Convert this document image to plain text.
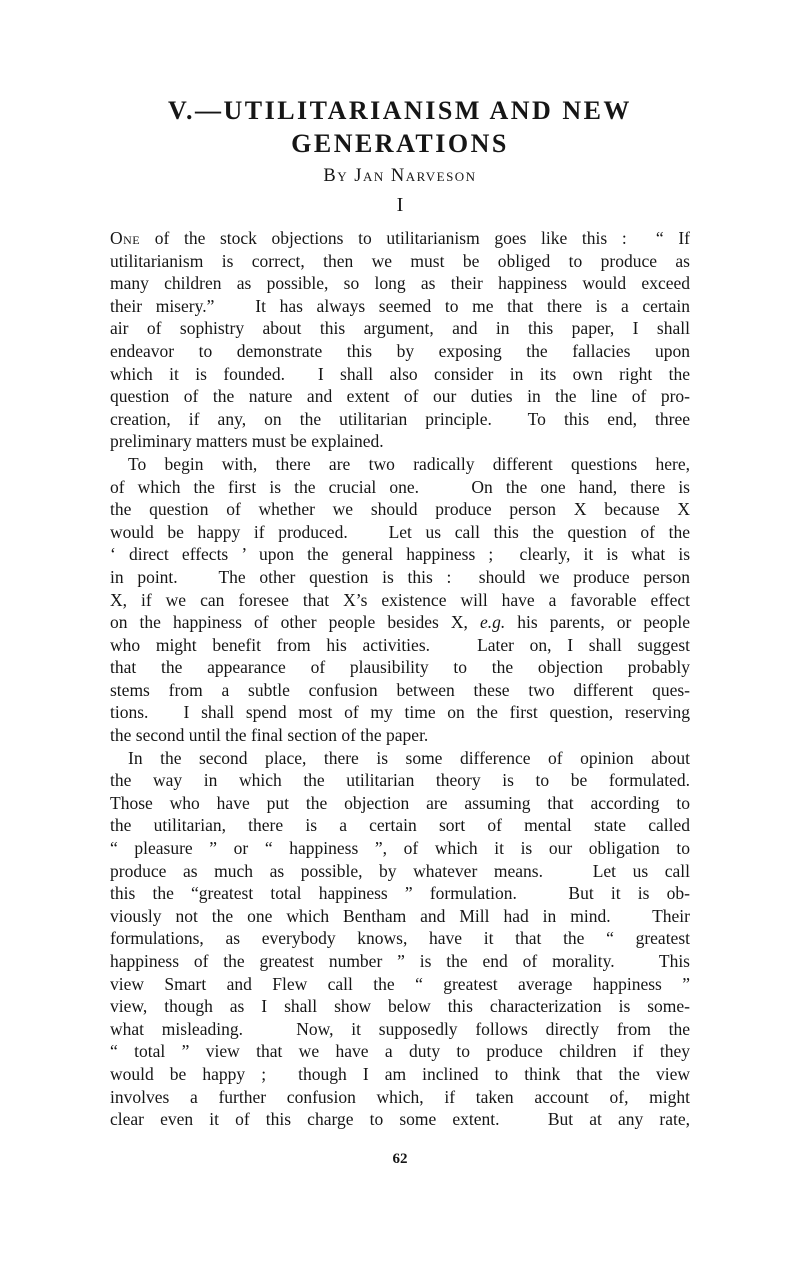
V.—UTILITARIANISM AND NEW
GENERATIONS
By Jan Narveson
I
One of the stock objections to utilitarianism goes like this :  “ If
utilitarianism is correct, then we must be obliged to produce as
many children as possible, so long as their happiness would exceed
their misery.”   It has always seemed to me that there is a certain
air of sophistry about this argument, and in this paper, I shall
endeavor to demonstrate this by exposing the fallacies upon
which it is founded.  I shall also consider in its own right the
question of the nature and extent of our duties in the line of pro-
creation, if any, on the utilitarian principle.  To this end, three
preliminary matters must be explained.
To begin with, there are two radically different questions here,
of which the first is the crucial one.    On the one hand, there is
the question of whether we should produce person X because X
would be happy if produced.   Let us call this the question of the
‘ direct effects ’ upon the general happiness ;  clearly, it is what is
in point.   The other question is this :  should we produce person
X, if we can foresee that X’s existence will have a favorable effect
on the happiness of other people besides X, e.g. his parents, or people
who might benefit from his activities.   Later on, I shall suggest
that the appearance of plausibility to the objection probably
stems from a subtle confusion between these two different ques-
tions.   I shall spend most of my time on the first question, reserving
the second until the final section of the paper.
In the second place, there is some difference of opinion about
the way in which the utilitarian theory is to be formulated.
Those who have put the objection are assuming that according to
the utilitarian, there is a certain sort of mental state called
“ pleasure ” or “ happiness ”, of which it is our obligation to
produce as much as possible, by whatever means.   Let us call
this the “greatest total happiness ” formulation.   But it is ob-
viously not the one which Bentham and Mill had in mind.   Their
formulations, as everybody knows, have it that the “ greatest
happiness of the greatest number ” is the end of morality.   This
view Smart and Flew call the “ greatest average happiness ”
view, though as I shall show below this characterization is some-
what misleading.   Now, it supposedly follows directly from the
“ total ” view that we have a duty to produce children if they
would be happy ;  though I am inclined to think that the view
involves a further confusion which, if taken account of, might
clear even it of this charge to some extent.   But at any rate,
62
